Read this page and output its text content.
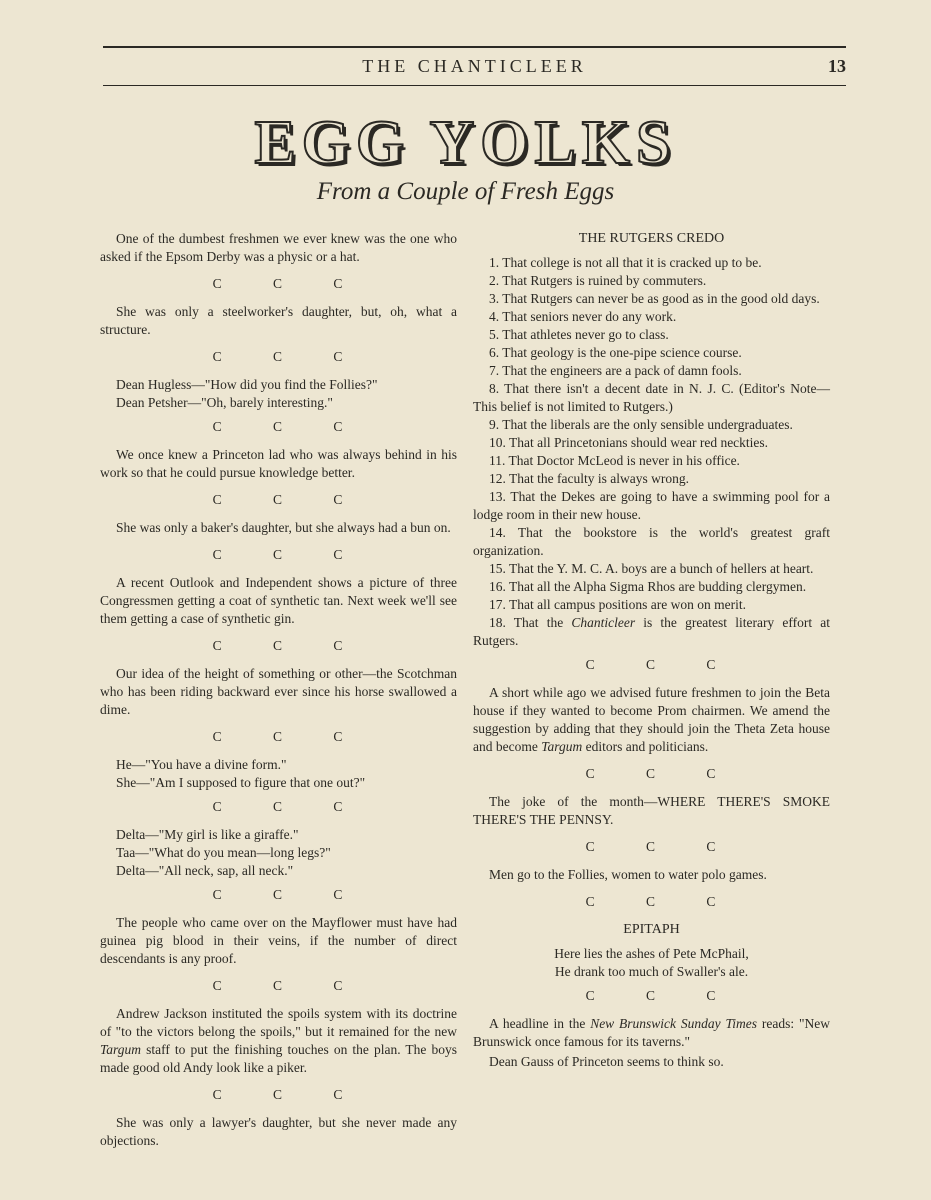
THE CHANTICLEER	13
EGG YOLKS
From a Couple of Fresh Eggs

One of the dumbest freshmen we ever knew was the one who asked if the Epsom Derby was a physic or a hat.

C C C

She was only a steelworker's daughter, but, oh, what a structure.

C C C

Dean Hugless—"How did you find the Follies?"

Dean Petsher—"Oh, barely interesting."

C C C

We once knew a Princeton lad who was always behind in his work so that he could pursue knowledge better.

C C C

She was only a baker's daughter, but she always had a bun on.

C C C

A recent Outlook and Independent shows a picture of three Congressmen getting a coat of synthetic tan. Next week we'll see them getting a case of synthetic gin.

C C C

Our idea of the height of something or other—the Scotchman who has been riding backward ever since his horse swallowed a dime.

C C C

He—"You have a divine form."

She—"Am I supposed to figure that one out?"

C C C

Delta—"My girl is like a giraffe."

Taa—"What do you mean—long legs?"

Delta—"All neck, sap, all neck."

C C C

The people who came over on the Mayflower must have had guinea pig blood in their veins, if the number of direct descendants is any proof.

C C C

Andrew Jackson instituted the spoils system with its doctrine of "to the victors belong the spoils," but it remained for the new Targum staff to put the finishing touches on the plan. The boys made good old Andy look like a piker.

C C C

She was only a lawyer's daughter, but she never made any objections.

THE RUTGERS CREDO

1. That college is not all that it is cracked up to be.

2. That Rutgers is ruined by commuters.

3. That Rutgers can never be as good as in the good old days.

4. That seniors never do any work.

5. That athletes never go to class.

6. That geology is the one-pipe science course.

7. That the engineers are a pack of damn fools.

8. That there isn't a decent date in N. J. C. (Editor's Note—This belief is not limited to Rutgers.)

9. That the liberals are the only sensible undergraduates.

10. That all Princetonians should wear red neckties.

11. That Doctor McLeod is never in his office.

12. That the faculty is always wrong.

13. That the Dekes are going to have a swimming pool for a lodge room in their new house.

14. That the bookstore is the world's greatest graft organization.

15. That the Y. M. C. A. boys are a bunch of hellers at heart.

16. That all the Alpha Sigma Rhos are budding clergymen.

17. That all campus positions are won on merit.

18. That the Chanticleer is the greatest literary effort at Rutgers.

C C C

A short while ago we advised future freshmen to join the Beta house if they wanted to become Prom chairmen. We amend the suggestion by adding that they should join the Theta Zeta house and become Targum editors and politicians.

C C C

The joke of the month—WHERE THERE'S SMOKE THERE'S THE PENNSY.

C C C

Men go to the Follies, women to water polo games.

C C C
EPITAPH

Here lies the ashes of Pete McPhail,

He drank too much of Swaller's ale.

C C C

A headline in the New Brunswick Sunday Times reads: "New Brunswick once famous for its taverns."

Dean Gauss of Princeton seems to think so.
